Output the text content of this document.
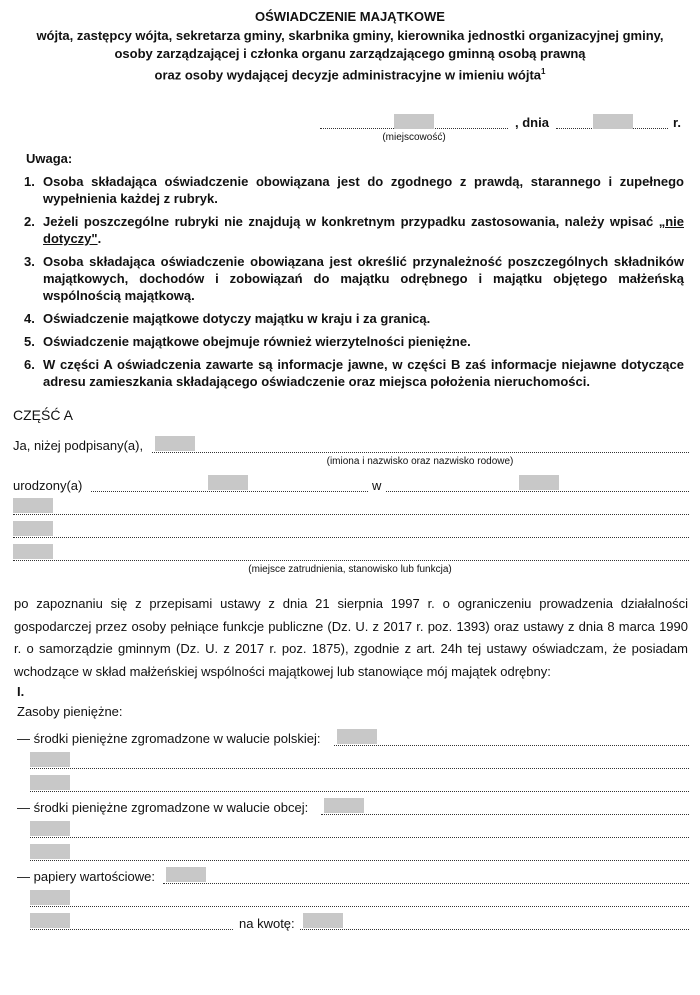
OŚWIADCZENIE MAJĄTKOWE
wójta, zastępcy wójta, sekretarza gminy, skarbnika gminy, kierownika jednostki organizacyjnej gminy,
osoby zarządzającej i członka organu zarządzającego gminną osobą prawną
oraz osoby wydającej decyzje administracyjne w imieniu wójta$^1$
, dnia	r.
(miejscowość)
Uwaga:
1. Osoba składająca oświadczenie obowiązana jest do zgodnego z prawdą, starannego i zupełnego wypełnienia każdej z rubryk.
2. Jeżeli poszczególne rubryki nie znajdują w konkretnym przypadku zastosowania, należy wpisać „nie dotyczy".
3. Osoba składająca oświadczenie obowiązana jest określić przynależność poszczególnych składników majątkowych, dochodów i zobowiązań do majątku odrębnego i majątku objętego małżeńską wspólnością majątkową.
4. Oświadczenie majątkowe dotyczy majątku w kraju i za granicą.
5. Oświadczenie majątkowe obejmuje również wierzytelności pieniężne.
6. W części A oświadczenia zawarte są informacje jawne, w części B zaś informacje niejawne dotyczące adresu zamieszkania składającego oświadczenie oraz miejsca położenia nieruchomości.
CZĘŚĆ A
Ja, niżej podpisany(a),
(imiona i nazwisko oraz nazwisko rodowe)
urodzony(a)	w
(miejsce zatrudnienia, stanowisko lub funkcja)
po zapoznaniu się z przepisami ustawy z dnia 21 sierpnia 1997 r. o ograniczeniu prowadzenia działalności gospodarczej przez osoby pełniące funkcje publiczne (Dz. U. z 2017 r. poz. 1393) oraz ustawy z dnia 8 marca 1990 r. o samorządzie gminnym (Dz. U. z 2017 r. poz. 1875), zgodnie z art. 24h tej ustawy oświadczam, że posiadam wchodzące w skład małżeńskiej wspólności majątkowej lub stanowiące mój majątek odrębny:
I.
Zasoby pieniężne:
— środki pieniężne zgromadzone w walucie polskiej:
— środki pieniężne zgromadzone w walucie obcej:
— papiery wartościowe:
na kwotę:
